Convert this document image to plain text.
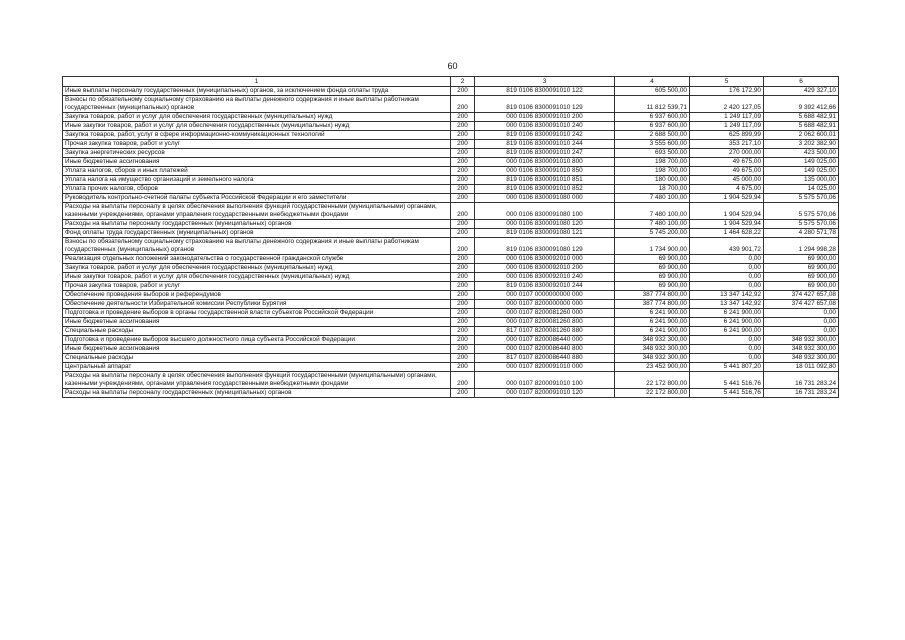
60
1	2	3	4	5	6
Иные выплаты персоналу государственных (муниципальных) органов, за исключением фонда оплаты труда	200	819 0106 8300091010 122	605 500,00	176 172,90	429 327,10
Взносы по обязательному социальному страхованию на выплаты денежного содержания и иные выплаты работникам государственных (муниципальных) органов	200	819 0106 8300091010 129	11 812 539,71	2 420 127,05	9 392 412,66
Закупка товаров, работ и услуг для обеспечения государственных (муниципальных) нужд	200	000 0106 8300091010 200	6 937 600,00	1 249 117,09	5 688 482,91
Иные закупки товаров, работ и услуг для обеспечения государственных (муниципальных) нужд	200	000 0106 8300091010 240	6 937 600,00	1 249 117,09	5 688 482,91
Закупка товаров, работ, услуг в сфере информационно-коммуникационных технологий	200	819 0106 8300091010 242	2 688 500,00	625 899,99	2 062 600,01
Прочая закупка товаров, работ и услуг	200	819 0106 8300091010 244	3 555 600,00	353 217,10	3 202 382,90
Закупка энергетических ресурсов	200	819 0106 8300091010 247	693 500,00	270 000,00	423 500,00
Иные бюджетные ассигнования	200	000 0106 8300091010 800	198 700,00	49 675,00	149 025,00
Уплата налогов, сборов и иных платежей	200	000 0106 8300091010 850	198 700,00	49 675,00	149 025,00
Уплата налога на имущество организаций и земельного налога	200	819 0106 8300091010 851	180 000,00	45 000,00	135 000,00
Уплата прочих налогов, сборов	200	819 0106 8300091010 852	18 700,00	4 675,00	14 025,00
Руководитель контрольно-счетной палаты субъекта Российской Федерации и его заместители	200	000 0106 8300091080 000	7 480 100,00	1 904 529,94	5 575 570,06
Расходы на выплаты персоналу в целях обеспечения выполнения функций государственными (муниципальными) органами, казенными учреждениями, органами управления государственными внебюджетными фондами	200	000 0106 8300091080 100	7 480 100,00	1 904 529,94	5 575 570,06
Расходы на выплаты персоналу государственных (муниципальных) органов	200	000 0106 8300091080 120	7 480 100,00	1 904 529,94	5 575 570,06
Фонд оплаты труда государственных (муниципальных) органов	200	819 0106 8300091080 121	5 745 200,00	1 464 628,22	4 280 571,78
Взносы по обязательному социальному страхованию на выплаты денежного содержания и иные выплаты работникам государственных (муниципальных) органов	200	819 0106 8300091080 129	1 734 900,00	439 901,72	1 294 998,28
Реализация отдельных положений законодательства о государственной гражданской службе	200	000 0106 8300092010 000	69 900,00	0,00	69 900,00
Закупка товаров, работ и услуг для обеспечения государственных (муниципальных) нужд	200	000 0106 8300092010 200	69 900,00	0,00	69 900,00
Иные закупки товаров, работ и услуг для обеспечения государственных (муниципальных) нужд	200	000 0106 8300092010 240	69 900,00	0,00	69 900,00
Прочая закупка товаров, работ и услуг	200	819 0106 8300092010 244	69 900,00	0,00	69 900,00
Обеспечение проведения выборов и референдумов	200	000 0107 0000000000 000	387 774 800,00	13 347 142,92	374 427 657,08
Обеспечение деятельности Избирательной комиссии Республики Бурятия	200	000 0107 8200000000 000	387 774 800,00	13 347 142,92	374 427 657,08
Подготовка и проведение выборов в органы государственной власти субъектов Российской Федерации	200	000 0107 8200081260 000	6 241 900,00	6 241 900,00	0,00
Иные бюджетные ассигнования	200	000 0107 8200081260 800	6 241 900,00	6 241 900,00	0,00
Специальные расходы	200	817 0107 8200081260 880	6 241 900,00	6 241 900,00	0,00
Подготовка и проведение выборов высшего должностного лица субъекта Российской Федерации	200	000 0107 8200086440 000	348 932 300,00	0,00	348 932 300,00
Иные бюджетные ассигнования	200	000 0107 8200086440 800	348 932 300,00	0,00	348 932 300,00
Специальные расходы	200	817 0107 8200086440 880	348 932 300,00	0,00	348 932 300,00
Центральный аппарат	200	000 0107 8200091010 000	23 452 900,00	5 441 807,20	18 011 092,80
Расходы на выплаты персоналу в целях обеспечения выполнения функций государственными (муниципальными) органами, казенными учреждениями, органами управления государственными внебюджетными фондами	200	000 0107 8200091010 100	22 172 800,00	5 441 516,76	16 731 283,24
Расходы на выплаты персоналу государственных (муниципальных) органов	200	000 0107 8200091010 120	22 172 800,00	5 441 516,76	16 731 283,24
